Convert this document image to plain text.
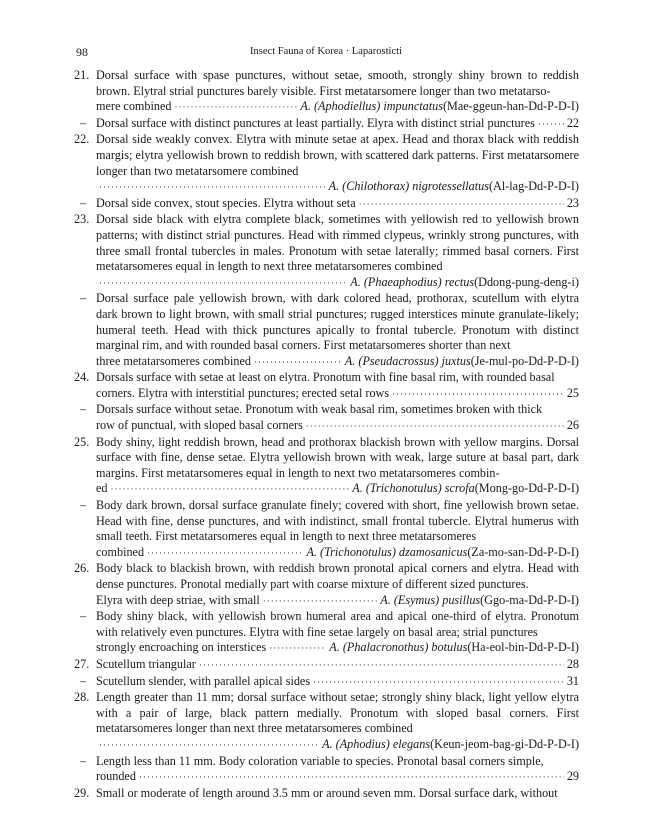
98	Insect Fauna of Korea · Laparosticti
21. Dorsal surface with spase punctures, without setae, smooth, strongly shiny brown to reddish brown. Elytral strial punctures barely visible. First metatarsomere longer than two metatarso-
mere combined ·····	A. (Aphodiellus) impunctatus(Mae-ggeun-han-Dd-P-D-I)
– Dorsal surface with distinct punctures at least partially. Elyra with distinct strial punctures ·····	22
22. Dorsal side weakly convex. Elytra with minute setae at apex. Head and thorax black with reddish margis; elytra yellowish brown to reddish brown, with scattered dark patterns. First metatarsomere longer than two metatarsomere combined
·····
A. (Chilothorax) nigrotessellatus(Al-lag-Dd-P-D-I)
– Dorsal side convex, stout species. Elytra without seta ·····	23
23. Dorsal side black with elytra complete black, sometimes with yellowish red to yellowish brown patterns; with distinct strial punctures. Head with rimmed clypeus, wrinkly strong punctures, with three small frontal tubercles in males. Pronotum with setae laterally; rimmed basal corners. First metatarsomeres equal in length to next three metatarsomeres combined
·····
A. (Phaeaphodius) rectus(Ddong-pung-deng-i)
– Dorsal surface pale yellowish brown, with dark colored head, prothorax, scutellum with elytra dark brown to light brown, with small strial punctures; rugged interstices minute granulate-likely; humeral teeth. Head with thick punctures apically to frontal tubercle. Pronotum with distinct marginal rim, and with rounded basal corners. First metatarsomeres shorter than next
three metatarsomeres combined ·····	A. (Pseudacrossus) juxtus(Je-mul-po-Dd-P-D-I)
24. Dorsals surface with setae at least on elytra. Pronotum with fine basal rim, with rounded basal
corners. Elytra with interstitial punctures; erected setal rows ·····	25
– Dorsals surface without setae. Pronotum with weak basal rim, sometimes broken with thick
row of punctual, with sloped basal corners ·····	26
25. Body shiny, light reddish brown, head and prothorax blackish brown with yellow margins. Dorsal surface with fine, dense setae. Elytra yellowish brown with weak, large suture at basal part, dark margins. First metatarsomeres equal in length to next two metatarsomeres combin-
ed ·····	A. (Trichonotulus) scrofa(Mong-go-Dd-P-D-I)
– Body dark brown, dorsal surface granulate finely; covered with short, fine yellowish brown setae. Head with fine, dense punctures, and with indistinct, small frontal tubercle. Elytral humerus with small teeth. First metatarsomeres equal in length to next three metatarsomeres
combined ·····	A. (Trichonotulus) dzamosanicus(Za-mo-san-Dd-P-D-I)
26. Body black to blackish brown, with reddish brown pronotal apical corners and elytra. Head with dense punctures. Pronotal medially part with coarse mixture of different sized punctures.
Elyra with deep striae, with small ·····	A. (Esymus) pusillus(Ggo-ma-Dd-P-D-I)
– Body shiny black, with yellowish brown humeral area and apical one-third of elytra. Pronotum with relatively even punctures. Elytra with fine setae largely on basal area; strial punctures
strongly encroaching on interstices ·····	A. (Phalacronothus) botulus(Ha-eol-bin-Dd-P-D-I)
27. Scutellum triangular ·····	28
– Scutellum slender, with parallel apical sides ·····	31
28. Length greater than 11 mm; dorsal surface without setae; strongly shiny black, light yellow elytra with a pair of large, black pattern medially. Pronotum with sloped basal corners. First metatarsomeres longer than next three metatarsomeres combined
·····
A. (Aphodius) elegans(Keun-jeom-bag-gi-Dd-P-D-I)
– Length less than 11 mm. Body coloration variable to species. Pronotal basal corners simple,
rounded ·····	29
29. Small or moderate of length around 3.5 mm or around seven mm. Dorsal surface dark, without
